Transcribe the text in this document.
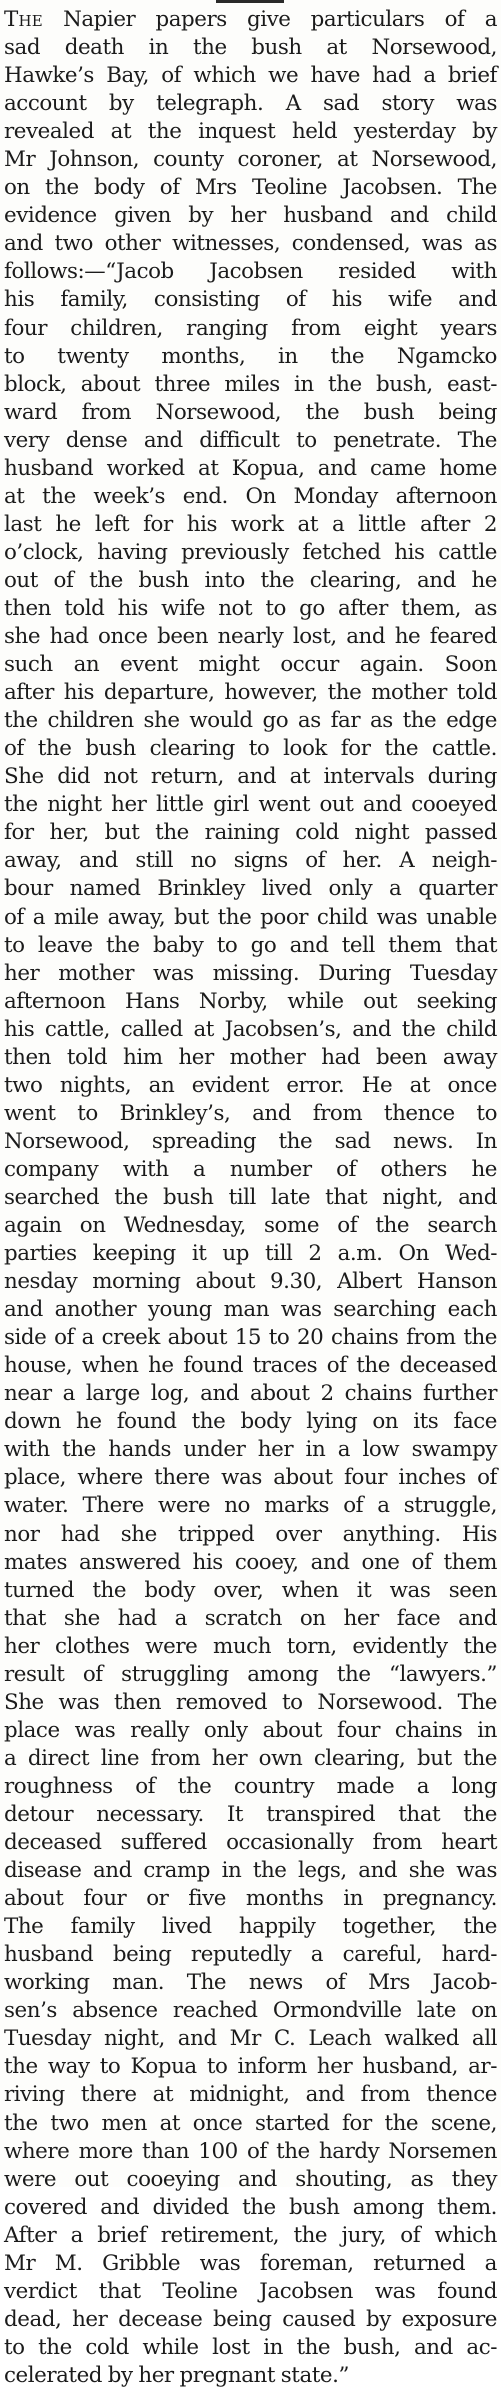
The Napier papers give particulars of a
sad death in the bush at Norsewood,
Hawke’s Bay, of which we have had a brief
account by telegraph. A sad story was
revealed at the inquest held yesterday by
Mr Johnson, county coroner, at Norsewood,
on the body of Mrs Teoline Jacobsen. The
evidence given by her husband and child
and two other witnesses, condensed, was as
follows:—“Jacob Jacobsen resided with
his family, consisting of his wife and
four children, ranging from eight years
to twenty months, in the Ngamcko
block, about three miles in the bush, east-
ward from Norsewood, the bush being
very dense and difficult to penetrate. The
husband worked at Kopua, and came home
at the week’s end. On Monday afternoon
last he left for his work at a little after 2
o’clock, having previously fetched his cattle
out of the bush into the clearing, and he
then told his wife not to go after them, as
she had once been nearly lost, and he feared
such an event might occur again. Soon
after his departure, however, the mother told
the children she would go as far as the edge
of the bush clearing to look for the cattle.
She did not return, and at intervals during
the night her little girl went out and cooeyed
for her, but the raining cold night passed
away, and still no signs of her. A neigh-
bour named Brinkley lived only a quarter
of a mile away, but the poor child was unable
to leave the baby to go and tell them that
her mother was missing. During Tuesday
afternoon Hans Norby, while out seeking
his cattle, called at Jacobsen’s, and the child
then told him her mother had been away
two nights, an evident error. He at once
went to Brinkley’s, and from thence to
Norsewood, spreading the sad news. In
company with a number of others he
searched the bush till late that night, and
again on Wednesday, some of the search
parties keeping it up till 2 a.m. On Wed-
nesday morning about 9.30, Albert Hanson
and another young man was searching each
side of a creek about 15 to 20 chains from the
house, when he found traces of the deceased
near a large log, and about 2 chains further
down he found the body lying on its face
with the hands under her in a low swampy
place, where there was about four inches of
water. There were no marks of a struggle,
nor had she tripped over anything. His
mates answered his cooey, and one of them
turned the body over, when it was seen
that she had a scratch on her face and
her clothes were much torn, evidently the
result of struggling among the “lawyers.”
She was then removed to Norsewood. The
place was really only about four chains in
a direct line from her own clearing, but the
roughness of the country made a long
detour necessary. It transpired that the
deceased suffered occasionally from heart
disease and cramp in the legs, and she was
about four or five months in pregnancy.
The family lived happily together, the
husband being reputedly a careful, hard-
working man. The news of Mrs Jacob-
sen’s absence reached Ormondville late on
Tuesday night, and Mr C. Leach walked all
the way to Kopua to inform her husband, ar-
riving there at midnight, and from thence
the two men at once started for the scene,
where more than 100 of the hardy Norsemen
were out cooeying and shouting, as they
covered and divided the bush among them.
After a brief retirement, the jury, of which
Mr M. Gribble was foreman, returned a
verdict that Teoline Jacobsen was found
dead, her decease being caused by exposure
to the cold while lost in the bush, and ac-
celerated by her pregnant state.”
